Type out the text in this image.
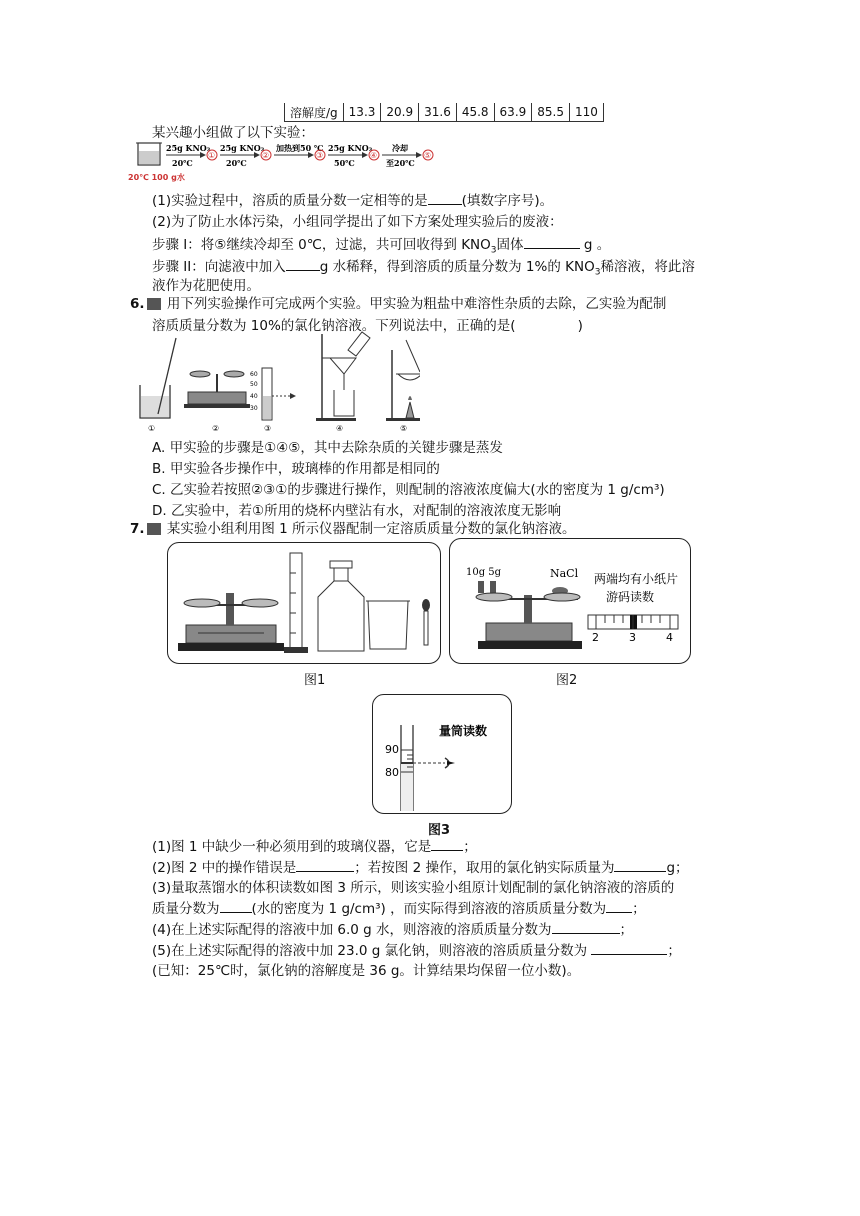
溶解度/g	13.3	20.9	31.6	45.8	63.9	85.5	110
某兴趣小组做了以下实验：
20℃ 100 g水
25g KNO₃
20℃
①
25g KNO₃
20℃
②
加热到50 ℃
③
25g KNO₃
50℃
④
冷却
至20℃
⑤
(1)实验过程中，溶质的质量分数一定相等的是	(填数字序号)。
(2)为了防止水体污染，小组同学提出了如下方案处理实验后的废液：
步骤 I：将⑤继续冷却至 0℃，过滤，共可回收得到 $KNO_3$固体	g 。
步骤 II：向滤液中加入	g 水稀释，得到溶质的质量分数为 1%的 $KNO_3$稀溶液，将此溶
液作为花肥使用。
6. 用下列实验操作可完成两个实验。甲实验为粗盐中难溶性杂质的去除，乙实验为配制
溶质质量分数为 10%的氯化钠溶液。下列说法中，正确的是(	)
①	②
60
50
40
30
③	④	⑤
A. 甲实验的步骤是①④⑤，其中去除杂质的关键步骤是蒸发
B. 甲实验各步操作中，玻璃棒的作用都是相同的
C. 乙实验若按照②③①的步骤进行操作，则配制的溶液浓度偏大(水的密度为 1 g/cm³)
D. 乙实验中，若①所用的烧杯内壁沾有水，对配制的溶液浓度无影响
7. 某实验小组利用图 1 所示仪器配制一定溶质质量分数的氯化钠溶液。
图1
10g 5g	NaCl 两端均有小纸片
游码读数
2	3	4
图2
量筒读数
90
80
图3
(1)图 1 中缺少一种必须用到的玻璃仪器，它是 ；
(2)图 2 中的操作错误是	；若按图 2 操作，取用的氯化钠实际质量为	g；
(3)量取蒸馏水的体积读数如图 3 所示，则该实验小组原计划配制的氯化钠溶液的溶质的
质量分数为 (水的密度为 1 g/cm³) ，而实际得到溶液的溶质质量分数为 ；
(4)在上述实际配得的溶液中加 6.0 g 水，则溶液的溶质质量分数为	；
(5)在上述实际配得的溶液中加 23.0 g 氯化钠，则溶液的溶质质量分数为	；
(已知：25℃时，氯化钠的溶解度是 36 g。计算结果均保留一位小数)。
